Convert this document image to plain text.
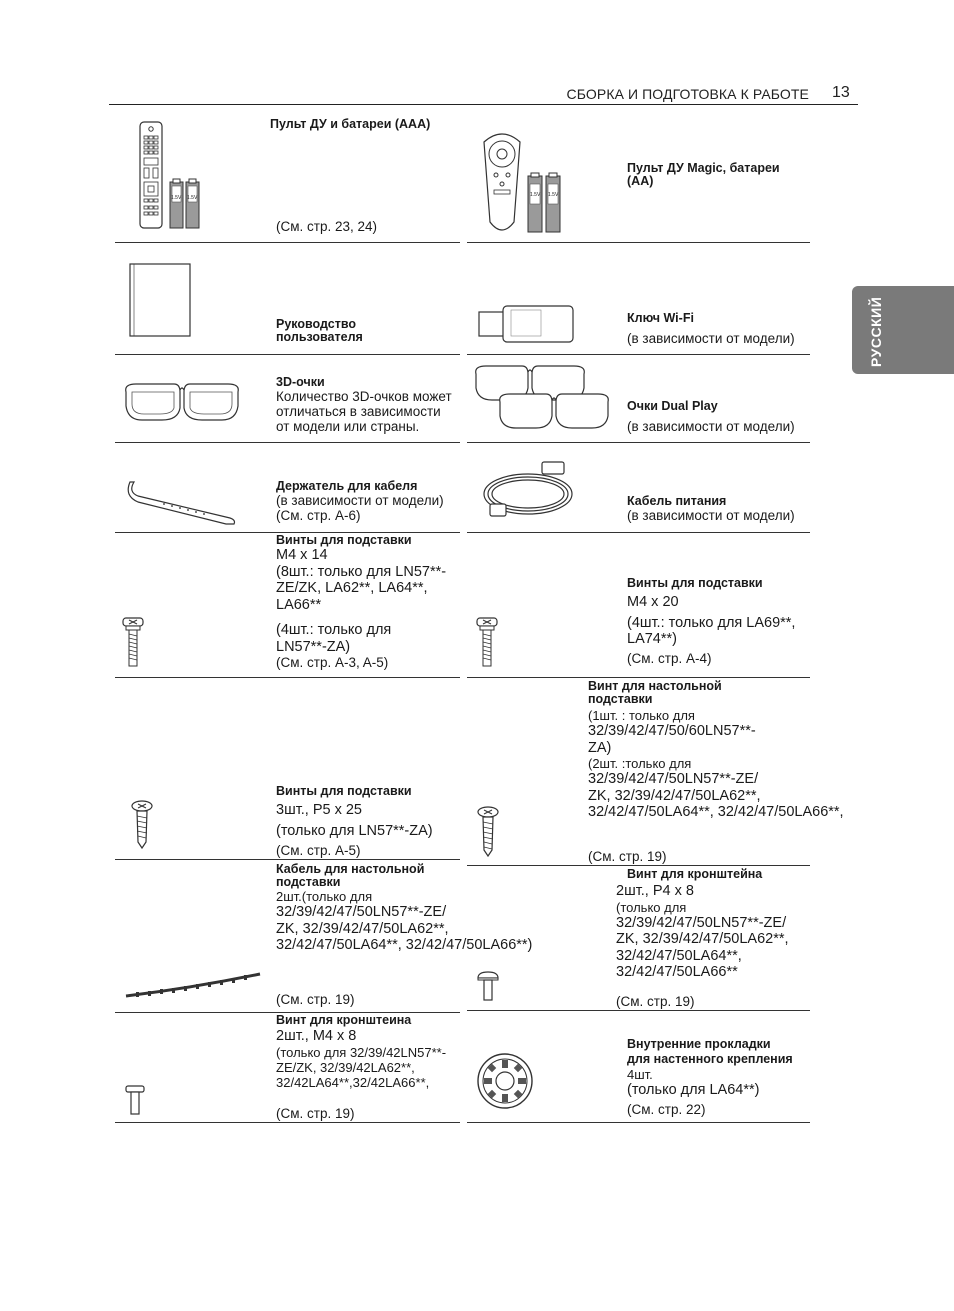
СБОРКА И ПОДГОТОВКА К РАБОТЕ 13
РУССКИЙ
1.5V 1.5V
Пульт ДУ и батареи (AAA)
(См. стр. 23, 24)
1.5V 1.5V
Пульт ДУ Magic, батареи
(AA)
Руководство
пользователя
Ключ Wi-Fi
(в зависимости от модели)
3D-очки
Количество 3D-очков может
отличаться в зависимости
от модели или страны.
Очки Dual Play
(в зависимости от модели)
Держатель для кабеля
(в зависимости от модели)
(См. стр. A-6)
Кабель питания
(в зависимости от модели)
Винты для подставки
M4 x 14
(8шт.: только для LN57**-
ZE/ZK, LA62**, LA64**,
LA66**
(4шт.: только для
LN57**-ZA)
(См. стр. A-3, A-5)
Винты для подставки
M4 x 20
(4шт.: только для LA69**,
LA74**)
(См. стр. A-4)
Винты для подставки
3шт., P5 x 25
(только для LN57**-ZA)
(См. стр. A-5)
Винт для настольной
подставки
(1шт. : только для
32/39/42/47/50/60LN57**-
ZA)
(2шт. :только для
32/39/42/47/50LN57**-ZE/
ZK, 32/39/42/47/50LA62**,
32/42/47/50LA64**, 32/42/47/50LA66**,
(См. стр. 19)
Кабель для настольной
подставки
2шт.(только для
32/39/42/47/50LN57**-ZE/
ZK, 32/39/42/47/50LA62**,
32/42/47/50LA64**, 32/42/47/50LA66**)
(См. стр. 19)
Винт для кронштейна
2шт., P4 x 8
(только для
32/39/42/47/50LN57**-ZE/
ZK, 32/39/42/47/50LA62**,
32/42/47/50LA64**,
32/42/47/50LA66**
(См. стр. 19)
Винт для кронштеина
2шт., M4 x 8
(только для 32/39/42LN57**-
ZE/ZK, 32/39/42LA62**,
32/42LA64**,32/42LA66**,
(См. стр. 19)
Внутренние прокладки
для настенного крепления
4шт.
(только для LA64**)
(См. стр. 22)
